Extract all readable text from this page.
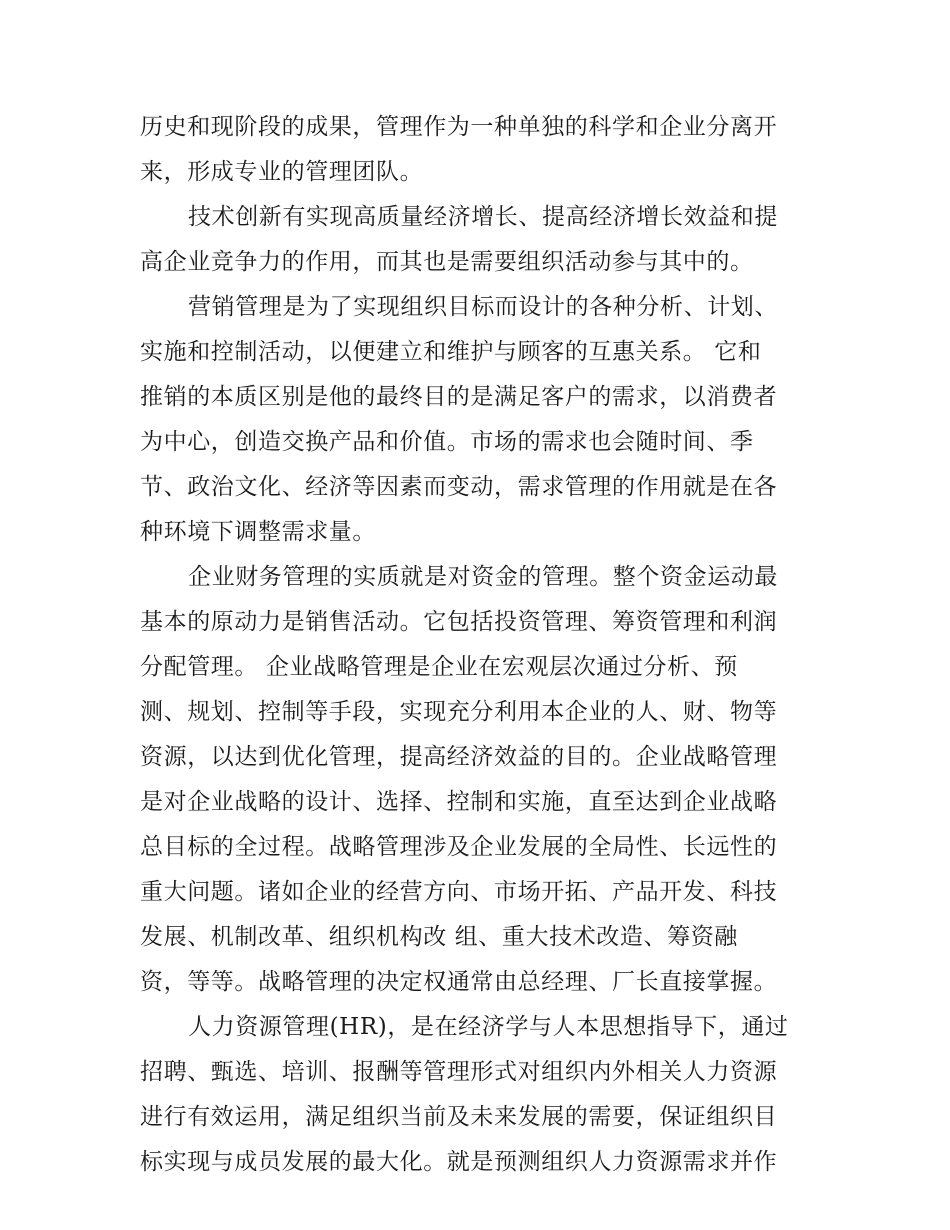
历史和现阶段的成果，管理作为一种单独的科学和企业分离开
来，形成专业的管理团队。
技术创新有实现高质量经济增长、提高经济增长效益和提
高企业竞争力的作用，而其也是需要组织活动参与其中的。
营销管理是为了实现组织目标而设计的各种分析、计划、
实施和控制活动，以便建立和维护与顾客的互惠关系。 它和
推销的本质区别是他的最终目的是满足客户的需求，以消费者
为中心，创造交换产品和价值。市场的需求也会随时间、季
节、政治文化、经济等因素而变动，需求管理的作用就是在各
种环境下调整需求量。
企业财务管理的实质就是对资金的管理。整个资金运动最
基本的原动力是销售活动。它包括投资管理、筹资管理和利润
分配管理。 企业战略管理是企业在宏观层次通过分析、预
测、规划、控制等手段，实现充分利用本企业的人、财、物等
资源，以达到优化管理，提高经济效益的目的。企业战略管理
是对企业战略的设计、选择、控制和实施，直至达到企业战略
总目标的全过程。战略管理涉及企业发展的全局性、长远性的
重大问题。诸如企业的经营方向、市场开拓、产品开发、科技
发展、机制改革、组织机构改 组、重大技术改造、筹资融
资，等等。战略管理的决定权通常由总经理、厂长直接掌握。
人力资源管理(HR)，是在经济学与人本思想指导下，通过
招聘、甄选、培训、报酬等管理形式对组织内外相关人力资源
进行有效运用，满足组织当前及未来发展的需要，保证组织目
标实现与成员发展的最大化。就是预测组织人力资源需求并作
